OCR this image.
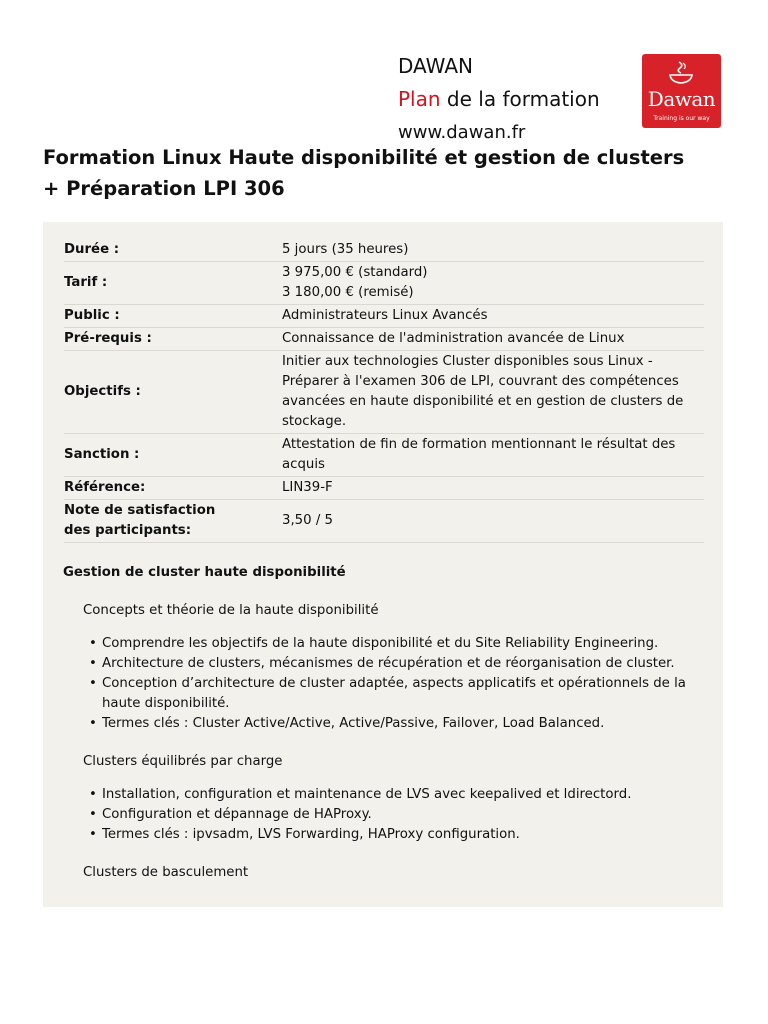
DAWAN
Plan de la formation
www.dawan.fr
Dawan
Training is our way
Formation Linux Haute disponibilité et gestion de clusters + Préparation LPI 306
Durée :	5 jours (35 heures)
Tarif :	3 975,00 € (standard)
3 180,00 € (remisé)

Public :	Administrateurs Linux Avancés
Pré-requis :	Connaissance de l'administration avancée de Linux
Objectifs :	Initier aux technologies Cluster disponibles sous Linux - Préparer à l'examen 306 de LPI, couvrant des compétences avancées en haute disponibilité et en gestion de clusters de stockage.
Sanction :	Attestation de fin de formation mentionnant le résultat des acquis
Référence:	LIN39-F
Note de satisfaction des participants:	3,50 / 5
Gestion de cluster haute disponibilité
Concepts et théorie de la haute disponibilité
• Comprendre les objectifs de la haute disponibilité et du Site Reliability Engineering.
• Architecture de clusters, mécanismes de récupération et de réorganisation de cluster.
• Conception d’architecture de cluster adaptée, aspects applicatifs et opérationnels de la haute disponibilité.
• Termes clés : Cluster Active/Active, Active/Passive, Failover, Load Balanced.
Clusters équilibrés par charge
• Installation, configuration et maintenance de LVS avec keepalived et ldirectord.
• Configuration et dépannage de HAProxy.
• Termes clés : ipvsadm, LVS Forwarding, HAProxy configuration.
Clusters de basculement
